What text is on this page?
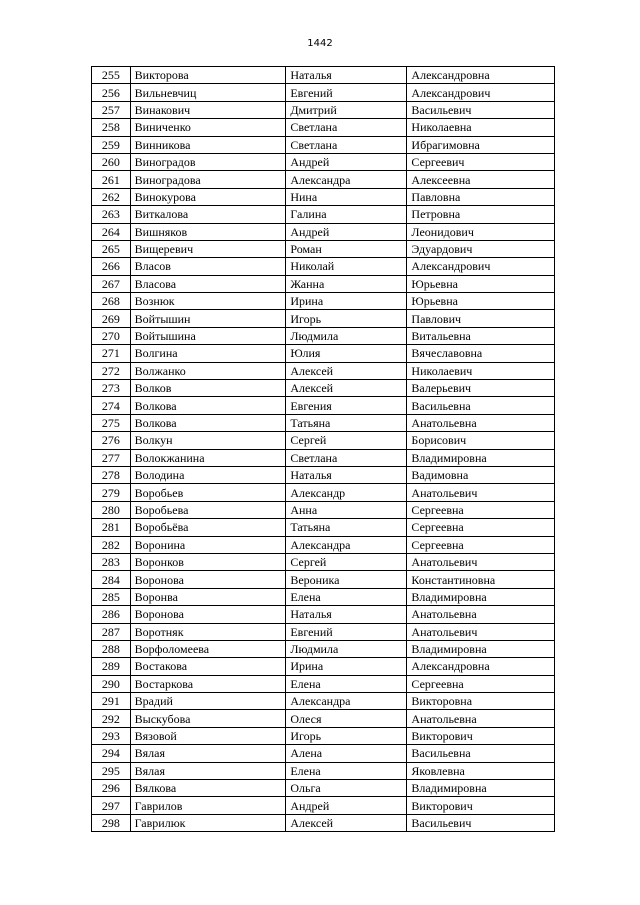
1442
255	Викторова	Наталья	Александровна
256	Вильневчиц	Евгений	Александрович
257	Винакович	Дмитрий	Васильевич
258	Виниченко	Светлана	Николаевна
259	Винникова	Светлана	Ибрагимовна
260	Виноградов	Андрей	Сергеевич
261	Виноградова	Александра	Алексеевна
262	Винокурова	Нина	Павловна
263	Виткалова	Галина	Петровна
264	Вишняков	Андрей	Леонидович
265	Вищеревич	Роман	Эдуардович
266	Власов	Николай	Александрович
267	Власова	Жанна	Юрьевна
268	Вознюк	Ирина	Юрьевна
269	Войтышин	Игорь	Павлович
270	Войтышина	Людмила	Витальевна
271	Волгина	Юлия	Вячеславовна
272	Волжанко	Алексей	Николаевич
273	Волков	Алексей	Валерьевич
274	Волкова	Евгения	Васильевна
275	Волкова	Татьяна	Анатольевна
276	Волкун	Сергей	Борисович
277	Волокжанина	Светлана	Владимировна
278	Володина	Наталья	Вадимовна
279	Воробьев	Александр	Анатольевич
280	Воробьева	Анна	Сергеевна
281	Воробьёва	Татьяна	Сергеевна
282	Воронина	Александра	Сергеевна
283	Воронков	Сергей	Анатольевич
284	Воронова	Вероника	Константиновна
285	Воронва	Елена	Владимировна
286	Воронова	Наталья	Анатольевна
287	Воротняк	Евгений	Анатольевич
288	Ворфоломеева	Людмила	Владимировна
289	Востакова	Ирина	Александровна
290	Востаркова	Елена	Сергеевна
291	Врадий	Александра	Викторовна
292	Выскубова	Олеся	Анатольевна
293	Вязовой	Игорь	Викторович
294	Вялая	Алена	Васильевна
295	Вялая	Елена	Яковлевна
296	Вялкова	Ольга	Владимировна
297	Гаврилов	Андрей	Викторович
298	Гаврилюк	Алексей	Васильевич
